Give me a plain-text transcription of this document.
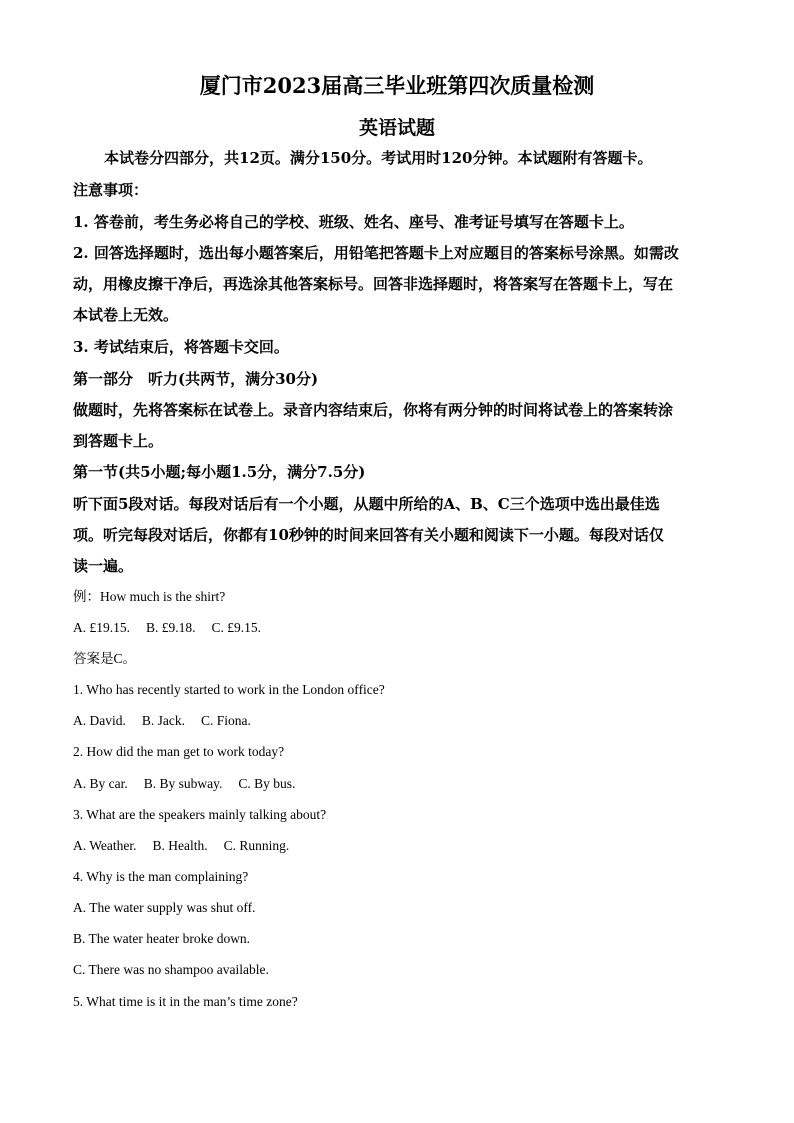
厦门市2023届高三毕业班第四次质量检测
英语试题
本试卷分四部分，共12页。满分150分。考试用时120分钟。本试题附有答题卡。
注意事项：
1. 答卷前，考生务必将自己的学校、班级、姓名、座号、准考证号填写在答题卡上。
2. 回答选择题时，选出每小题答案后，用铅笔把答题卡上对应题目的答案标号涂黑。如需改
动，用橡皮擦干净后，再选涂其他答案标号。回答非选择题时，将答案写在答题卡上，写在
本试卷上无效。
3. 考试结束后，将答题卡交回。
第一部分　听力(共两节，满分30分)
做题时，先将答案标在试卷上。录音内容结束后，你将有两分钟的时间将试卷上的答案转涂
到答题卡上。
第一节(共5小题;每小题1.5分，满分7.5分)
听下面5段对话。每段对话后有一个小题，从题中所给的A、B、C三个选项中选出最佳选
项。听完每段对话后，你都有10秒钟的时间来回答有关小题和阅读下一小题。每段对话仅
读一遍。
例：How much is the shirt?
A. £19.15. B. £9.18. C. £9.15.
答案是C。
1. Who has recently started to work in the London office?
A. David. B. Jack. C. Fiona.
2. How did the man get to work today?
A. By car. B. By subway. C. By bus.
3. What are the speakers mainly talking about?
A. Weather. B. Health. C. Running.
4. Why is the man complaining?
A. The water supply was shut off.
B. The water heater broke down.
C. There was no shampoo available.
5. What time is it in the man’s time zone?
